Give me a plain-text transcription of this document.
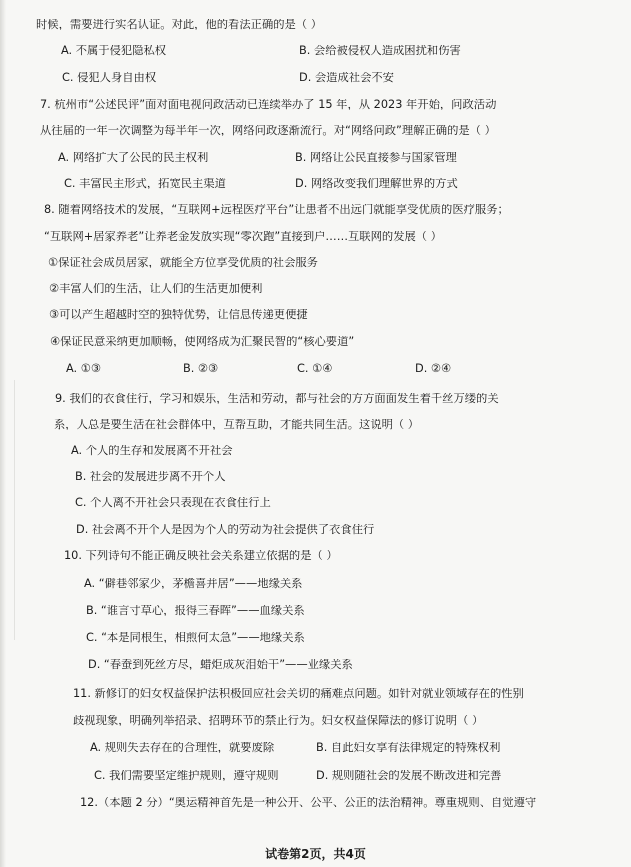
时候，需要进行实名认证。对此，他的看法正确的是（ ）
A. 不属于侵犯隐私权	B. 会给被侵权人造成困扰和伤害
C. 侵犯人身自由权	D. 会造成社会不安
7. 杭州市“公述民评”面对面电视问政活动已连续举办了 15 年，从 2023 年开始，问政活动
从往届的一年一次调整为每半年一次，网络问政逐渐流行。对“网络问政”理解正确的是（ ）
A. 网络扩大了公民的民主权利	B. 网络让公民直接参与国家管理
C. 丰富民主形式，拓宽民主渠道	D. 网络改变我们理解世界的方式
8. 随着网络技术的发展，“互联网+远程医疗平台”让患者不出远门就能享受优质的医疗服务；
“互联网+居家养老”让养老金发放实现“零次跑”直接到户……互联网的发展（ ）
①保证社会成员居家，就能全方位享受优质的社会服务
②丰富人们的生活，让人们的生活更加便利
③可以产生超越时空的独特优势，让信息传递更便捷
④保证民意采纳更加顺畅，使网络成为汇聚民智的“核心要道”
A. ①③	B. ②③	C. ①④	D. ②④
9. 我们的衣食住行，学习和娱乐，生活和劳动，都与社会的方方面面发生着千丝万缕的关
系，人总是要生活在社会群体中，互帮互助，才能共同生活。这说明（ ）
A. 个人的生存和发展离不开社会
B. 社会的发展进步离不开个人
C. 个人离不开社会只表现在衣食住行上
D. 社会离不开个人是因为个人的劳动为社会提供了衣食住行
10. 下列诗句不能正确反映社会关系建立依据的是（ ）
A. “僻巷邻家少，茅檐喜并居”——地缘关系
B. “谁言寸草心，报得三春晖”——血缘关系
C. “本是同根生，相煎何太急”——地缘关系
D. “春蚕到死丝方尽，蜡炬成灰泪始干”——业缘关系
11. 新修订的妇女权益保护法积极回应社会关切的痛难点问题。如针对就业领域存在的性别
歧视现象，明确列举招录、招聘环节的禁止行为。妇女权益保障法的修订说明（ ）
A. 规则失去存在的合理性，就要废除	B. 自此妇女享有法律规定的特殊权利
C. 我们需要坚定维护规则，遵守规则	D. 规则随社会的发展不断改进和完善
12.（本题 2 分）“奥运精神首先是一种公开、公平、公正的法治精神。尊重规则、自觉遵守
试卷第2页，共4页
